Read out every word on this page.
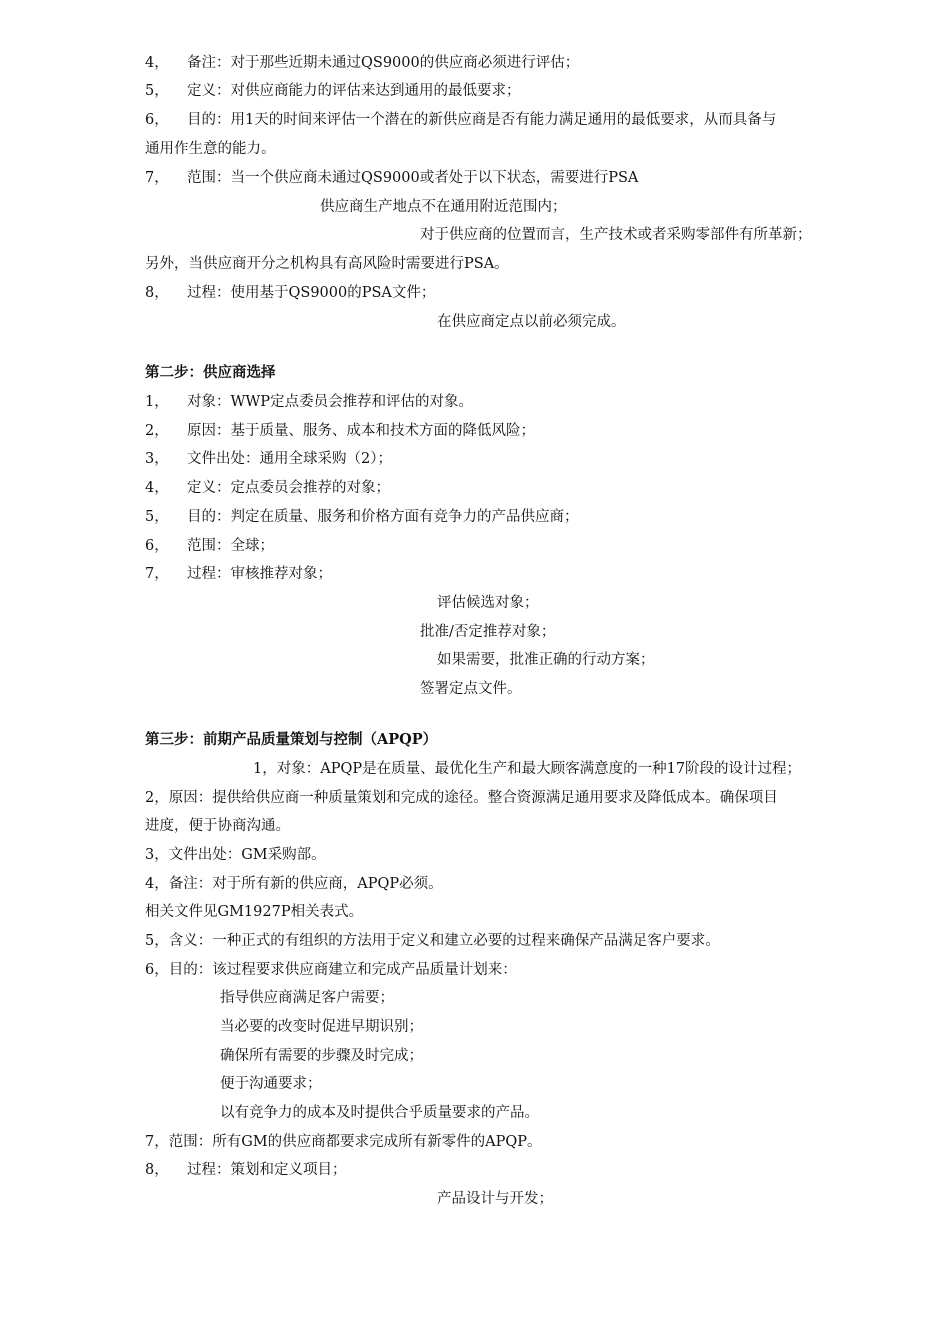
4， 备注：对于那些近期未通过QS9000的供应商必须进行评估；
5， 定义：对供应商能力的评估来达到通用的最低要求；
6， 目的：用1天的时间来评估一个潜在的新供应商是否有能力满足通用的最低要求，从而具备与
通用作生意的能力。
7， 范围：当一个供应商未通过QS9000或者处于以下状态，需要进行PSA
供应商生产地点不在通用附近范围内；
对于供应商的位置而言，生产技术或者采购零部件有所革新；
另外，当供应商开分之机构具有高风险时需要进行PSA。
8， 过程：使用基于QS9000的PSA文件；
在供应商定点以前必须完成。
第二步：供应商选择
1， 对象：WWP定点委员会推荐和评估的对象。
2， 原因：基于质量、服务、成本和技术方面的降低风险；
3， 文件出处：通用全球采购（2）；
4， 定义：定点委员会推荐的对象；
5， 目的：判定在质量、服务和价格方面有竞争力的产品供应商；
6， 范围：全球；
7， 过程：审核推荐对象；
评估候选对象；
批准/否定推荐对象；
如果需要，批准正确的行动方案；
签署定点文件。
第三步：前期产品质量策划与控制（APQP）
1，对象：APQP是在质量、最优化生产和最大顾客满意度的一种17阶段的设计过程；
2，原因：提供给供应商一种质量策划和完成的途径。整合资源满足通用要求及降低成本。确保项目
进度，便于协商沟通。
3，文件出处：GM采购部。
4，备注：对于所有新的供应商，APQP必须。
相关文件见GM1927P相关表式。
5，含义：一种正式的有组织的方法用于定义和建立必要的过程来确保产品满足客户要求。
6，目的：该过程要求供应商建立和完成产品质量计划来：
指导供应商满足客户需要；
当必要的改变时促进早期识别；
确保所有需要的步骤及时完成；
便于沟通要求；
以有竞争力的成本及时提供合乎质量要求的产品。
7，范围：所有GM的供应商都要求完成所有新零件的APQP。
8， 过程：策划和定义项目；
产品设计与开发；
